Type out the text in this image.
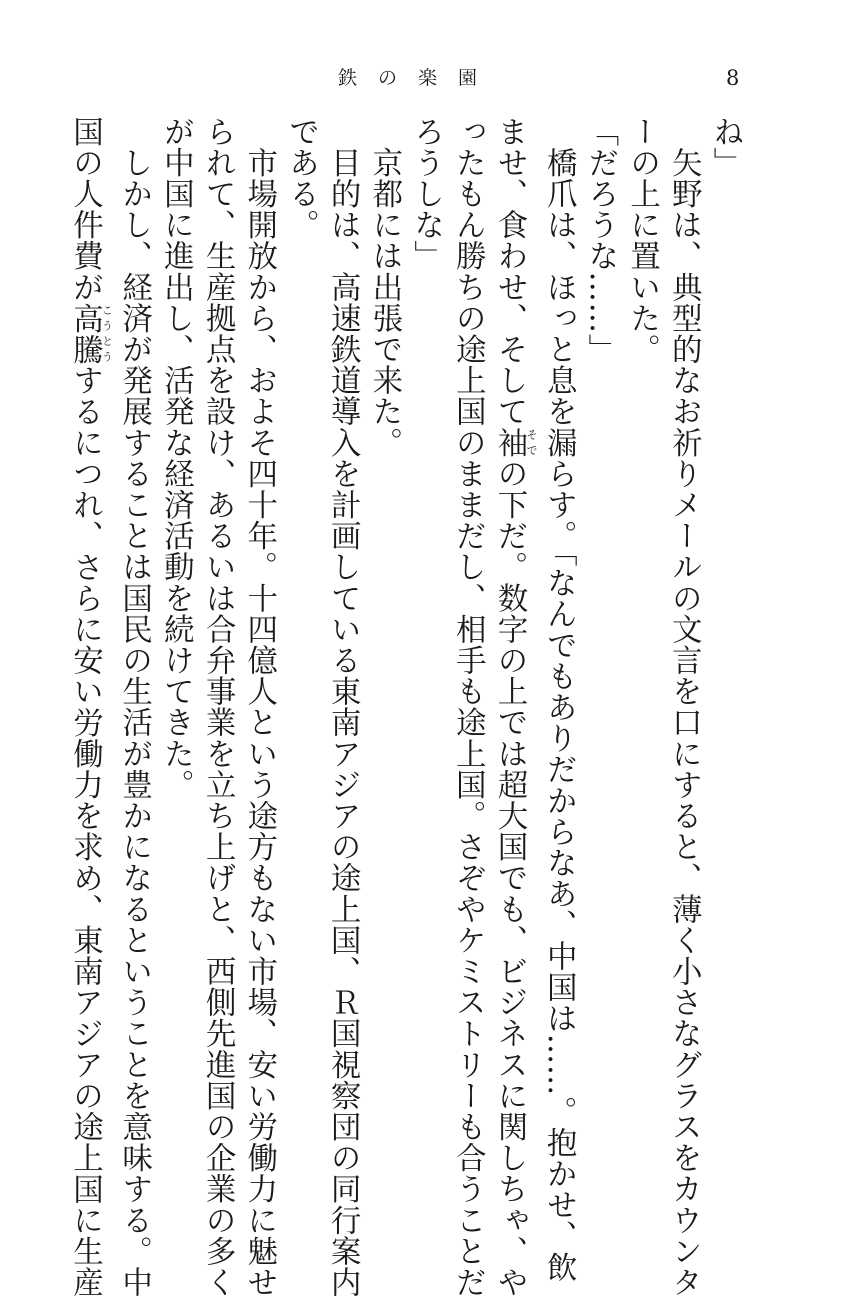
鉄の楽園	8
ね」
　矢野は、典型的なお祈りメールの文言を口にすると、薄く小さなグラスをカウンタ
ーの上に置いた。
「だろうな……」
　橋爪は、ほっと息を漏らす。「なんでもありだからなあ、中国は……。抱かせ、飲
ませ、食わせ、そして袖そでの下だ。数字の上では超大国でも、ビジネスに関しちゃ、や
ったもん勝ちの途上国のままだし、相手も途上国。さぞやケミストリーも合うことだ
ろうしな」
　京都には出張で来た。
　目的は、高速鉄道導入を計画している東南アジアの途上国、Ｒ国視察団の同行案内
である。
　市場開放から、およそ四十年。十四億人という途方もない市場、安い労働力に魅せ
られて、生産拠点を設け、あるいは合弁事業を立ち上げと、西側先進国の企業の多く
が中国に進出し、活発な経済活動を続けてきた。
　しかし、経済が発展することは国民の生活が豊かになるということを意味する。中
国の人件費が高騰こうとうするにつれ、さらに安い労働力を求め、東南アジアの途上国に生産
